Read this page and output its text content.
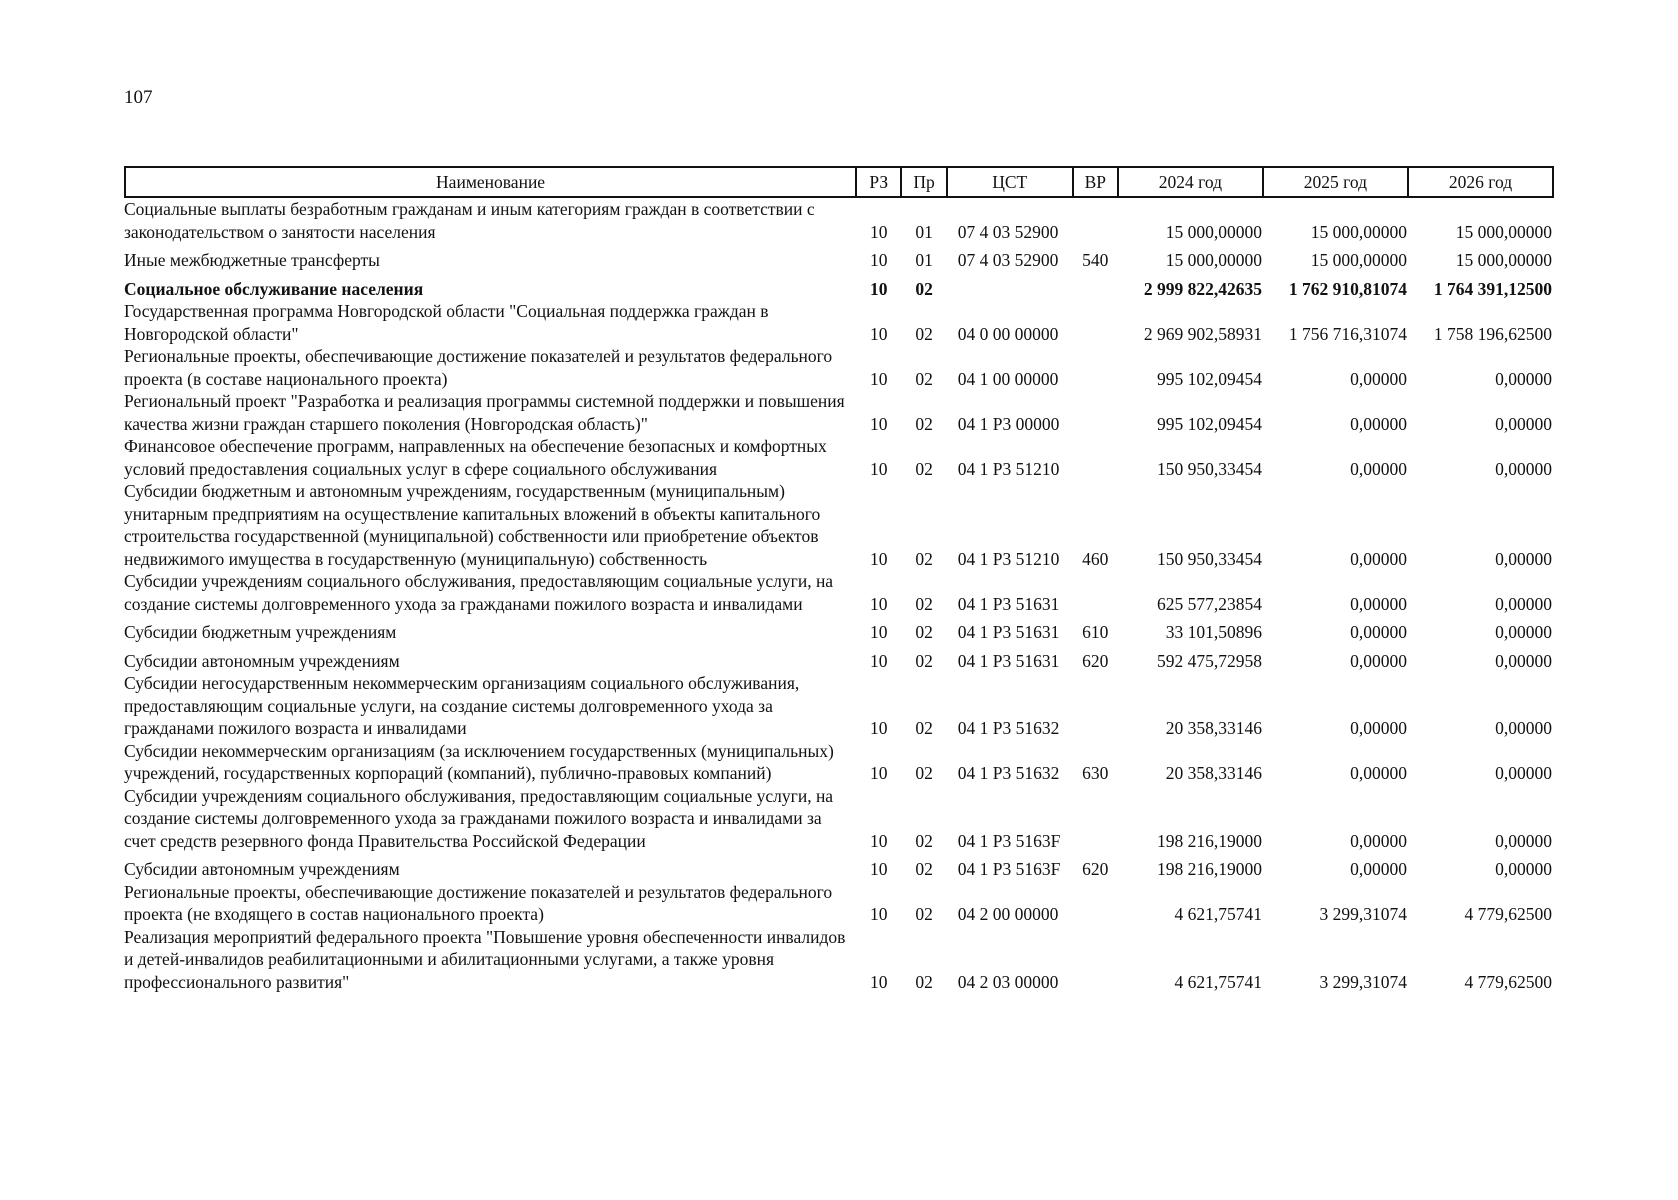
107
Наименование	РЗ	Пр	ЦСТ	ВР	2024 год	2025 год	2026 год
Социальные выплаты безработным гражданам и иным категориям граждан в соответствии с законодательством о занятости населения	10	01	07 4 03 52900		15 000,00000	15 000,00000	15 000,00000
Иные межбюджетные трансферты	10	01	07 4 03 52900	540	15 000,00000	15 000,00000	15 000,00000
Социальное обслуживание населения	10	02			2 999 822,42635	1 762 910,81074	1 764 391,12500
Государственная программа Новгородской области "Социальная поддержка граждан в Новгородской области"	10	02	04 0 00 00000		2 969 902,58931	1 756 716,31074	1 758 196,62500
Региональные проекты, обеспечивающие достижение показателей и результатов федерального проекта (в составе национального проекта)	10	02	04 1 00 00000		995 102,09454	0,00000	0,00000
Региональный проект "Разработка и реализация программы системной поддержки и повышения качества жизни граждан старшего поколения (Новгородская область)"	10	02	04 1 Р3 00000		995 102,09454	0,00000	0,00000
Финансовое обеспечение программ, направленных на обеспечение безопасных и комфортных условий предоставления социальных услуг в сфере социального обслуживания	10	02	04 1 Р3 51210		150 950,33454	0,00000	0,00000
Субсидии бюджетным и автономным учреждениям, государственным (муниципальным) унитарным предприятиям на осуществление капитальных вложений в объекты капитального строительства государственной (муниципальной) собственности или приобретение объектов недвижимого имущества в государственную (муниципальную) собственность	10	02	04 1 Р3 51210	460	150 950,33454	0,00000	0,00000
Субсидии учреждениям социального обслуживания, предоставляющим социальные услуги, на создание системы долговременного ухода за гражданами пожилого возраста и инвалидами	10	02	04 1 Р3 51631		625 577,23854	0,00000	0,00000
Субсидии бюджетным учреждениям	10	02	04 1 Р3 51631	610	33 101,50896	0,00000	0,00000
Субсидии автономным учреждениям	10	02	04 1 Р3 51631	620	592 475,72958	0,00000	0,00000
Субсидии негосударственным некоммерческим организациям социального обслуживания, предоставляющим социальные услуги, на создание системы долговременного ухода за гражданами пожилого возраста и инвалидами	10	02	04 1 Р3 51632		20 358,33146	0,00000	0,00000
Субсидии некоммерческим организациям (за исключением государственных (муниципальных) учреждений, государственных корпораций (компаний), публично-правовых компаний)	10	02	04 1 Р3 51632	630	20 358,33146	0,00000	0,00000
Субсидии учреждениям социального обслуживания, предоставляющим социальные услуги, на создание системы долговременного ухода за гражданами пожилого возраста и инвалидами за счет средств резервного фонда Правительства Российской Федерации	10	02	04 1 Р3 5163F		198 216,19000	0,00000	0,00000
Субсидии автономным учреждениям	10	02	04 1 Р3 5163F	620	198 216,19000	0,00000	0,00000
Региональные проекты, обеспечивающие достижение показателей и результатов федерального проекта (не входящего в состав национального проекта)	10	02	04 2 00 00000		4 621,75741	3 299,31074	4 779,62500
Реализация мероприятий федерального проекта "Повышение уровня обеспеченности инвалидов и детей-инвалидов реабилитационными и абилитационными услугами, а также уровня профессионального развития"	10	02	04 2 03 00000		4 621,75741	3 299,31074	4 779,62500
